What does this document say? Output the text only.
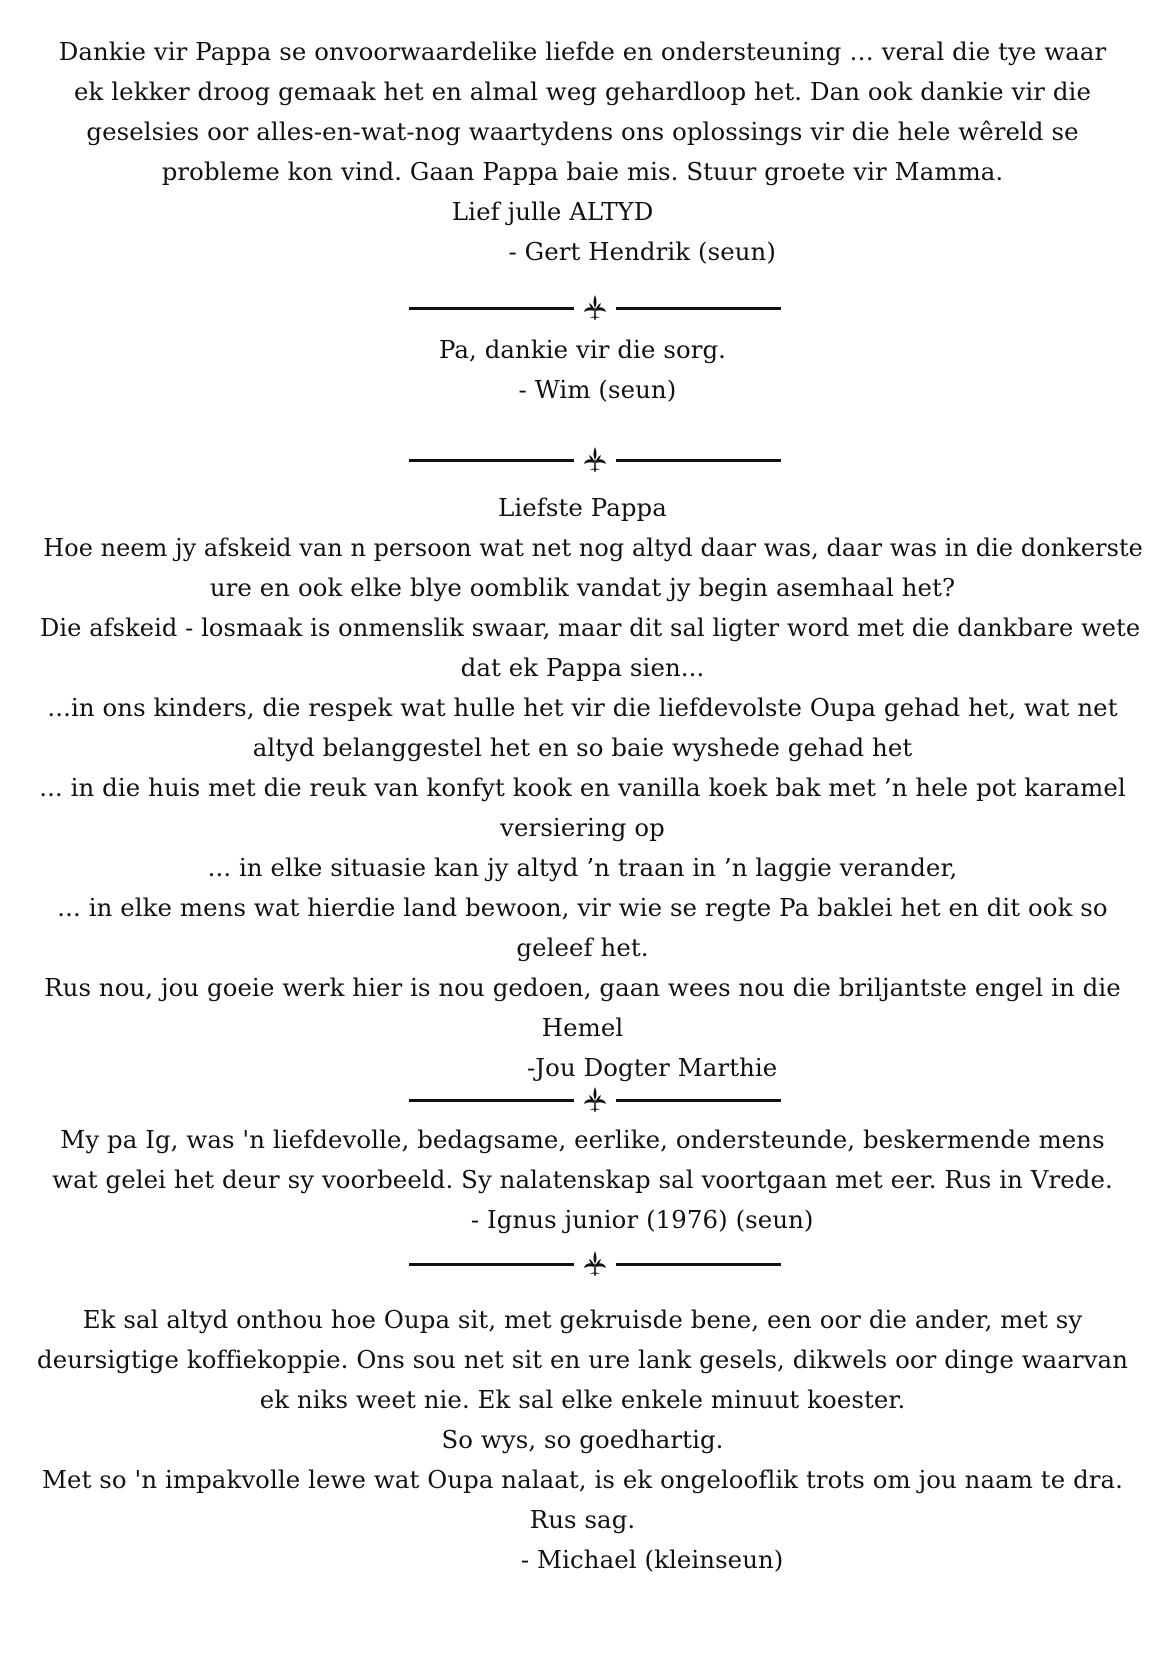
Dankie vir Pappa se onvoorwaardelike liefde en ondersteuning … veral die tye waar
ek lekker droog gemaak het en almal weg gehardloop het. Dan ook dankie vir die
geselsies oor alles-en-wat-nog waartydens ons oplossings vir die hele wêreld se
probleme kon vind. Gaan Pappa baie mis. Stuur groete vir Mamma.
Lief julle ALTYD
- Gert Hendrik (seun)
Pa, dankie vir die sorg.
- Wim (seun)
Liefste Pappa
Hoe neem jy afskeid van n persoon wat net nog altyd daar was, daar was in die donkerste
ure en ook elke blye oomblik vandat jy begin asemhaal het?
Die afskeid - losmaak is onmenslik swaar, maar dit sal ligter word met die dankbare wete
dat ek Pappa sien...
...in ons kinders, die respek wat hulle het vir die liefdevolste Oupa gehad het, wat net
altyd belanggestel het en so baie wyshede gehad het
... in die huis met die reuk van konfyt kook en vanilla koek bak met ’n hele pot karamel
versiering op
... in elke situasie kan jy altyd ’n traan in ’n laggie verander,
... in elke mens wat hierdie land bewoon, vir wie se regte Pa baklei het en dit ook so
geleef het.
Rus nou, jou goeie werk hier is nou gedoen, gaan wees nou die briljantste engel in die
Hemel
-Jou Dogter Marthie
My pa Ig, was 'n liefdevolle, bedagsame, eerlike, ondersteunde, beskermende mens
wat gelei het deur sy voorbeeld. Sy nalatenskap sal voortgaan met eer. Rus in Vrede.
- Ignus junior (1976) (seun)
Ek sal altyd onthou hoe Oupa sit, met gekruisde bene, een oor die ander, met sy
deursigtige koffiekoppie. Ons sou net sit en ure lank gesels, dikwels oor dinge waarvan
ek niks weet nie. Ek sal elke enkele minuut koester.
So wys, so goedhartig.
Met so 'n impakvolle lewe wat Oupa nalaat, is ek ongelooflik trots om jou naam te dra.
Rus sag.
- Michael (kleinseun)
